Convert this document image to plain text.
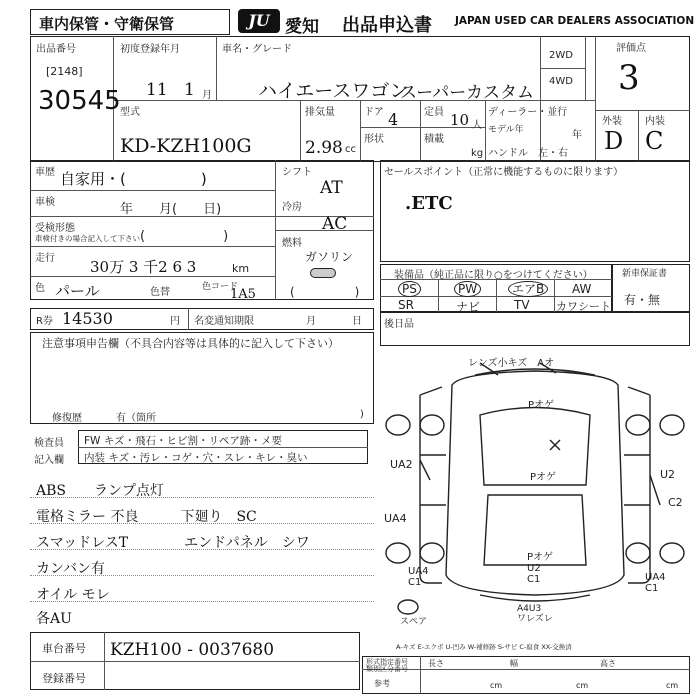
車内保管・守衛保管	JU 愛知 出品申込書 JAPAN USED CAR DEALERS ASSOCIATION
出品番号
[2148]
30545
初度登録年月
11 1 月
車名・グレード
ハイエースワゴン
スーパーカスタム
2WD
4WD
評価点
3
外装 内装
D C
型式
KD-KZH100G
排気量
2.98 cc
ドア 4	定員 10 人
形状	積載
kg
ディーラー・並行
モデル年	年
ハンドル　左・右
車歴 自家用・(　　　　　)
車検	年　　月(　　日)
受検形態
車検付きの場合記入して下さい (　　　　　　)
走行 30万 3 千2 6 3	km
色 パール	色替	色コード
1A5
シフト
AT
冷房
AC
燃料
ガソリン
(　　　　　)
セールスポイント（正常に機能するものに限ります）
.ETC
装備品（純正品に限り○をつけてください）
PS	PW	エアB	AW
SR	ナビ	TV カワシート
新車保証書
有・無
R券 14530	円 名変通知期限	月	日 後日品
注意事項申告欄（不具合内容等は具体的に記入して下さい）
修復歴	有（箇所	)
検査員
記入欄
FW キズ・飛石・ヒビ割・リペア跡・メ要
内装 キズ・汚レ・コゲ・穴・スレ・キレ・臭い
ABS　　ランプ点灯
電格ミラー 不良　　　下廻り　SC
スマッドレスT　　　　エンドパネル　シワ
カンバン有
オイル モレ
各AU
レンズ小キズ　Aオ
Pオゲ
Pオゲ
UA2
UA4
U2
C2
Pオゲ
U2
C1
UA4
C1	UA4
C1
A4U3
ワレズレ
スペア
A-キズ E-エクボ U-凹み W-補修跡 S-サビ C-腐食 XX-交換済
車台番号 KZH100 - 0037680
登録番号
形式指定番号
類別区分番号
参考
長さ	幅	高さ
cm	cm	cm
